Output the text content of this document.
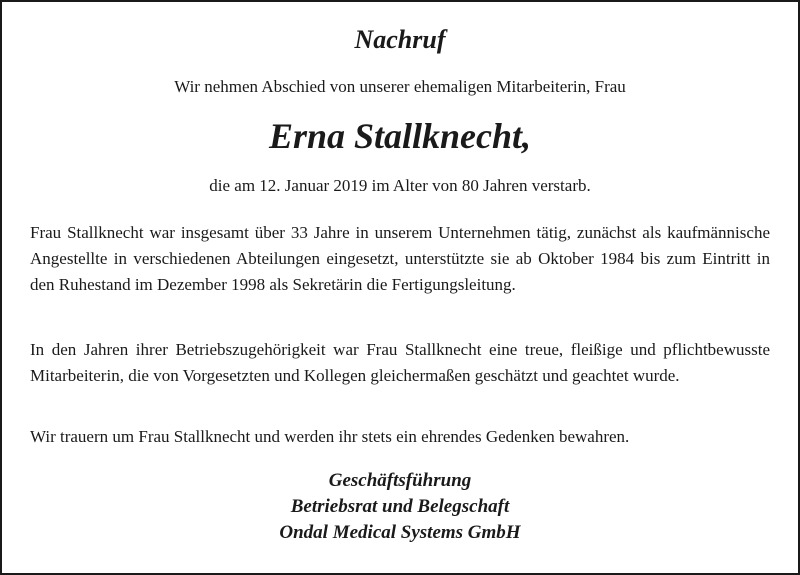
Nachruf
Wir nehmen Abschied von unserer ehemaligen Mitarbeiterin, Frau
Erna Stallknecht,
die am 12. Januar 2019 im Alter von 80 Jahren verstarb.

Frau Stallknecht war insgesamt über 33 Jahre in unserem Unternehmen tätig, zunächst als kaufmännische Angestellte in verschiedenen Abteilungen eingesetzt, unterstützte sie ab Oktober 1984 bis zum Eintritt in den Ruhestand im Dezember 1998 als Sekretärin die Fertigungsleitung.

In den Jahren ihrer Betriebszugehörigkeit war Frau Stallknecht eine treue, fleißige und pflichtbewusste Mitarbeiterin, die von Vorgesetzten und Kollegen gleichermaßen geschätzt und geachtet wurde.

Wir trauern um Frau Stallknecht und werden ihr stets ein ehrendes Gedenken bewahren.

Geschäftsführung
Betriebsrat und Belegschaft
Ondal Medical Systems GmbH
